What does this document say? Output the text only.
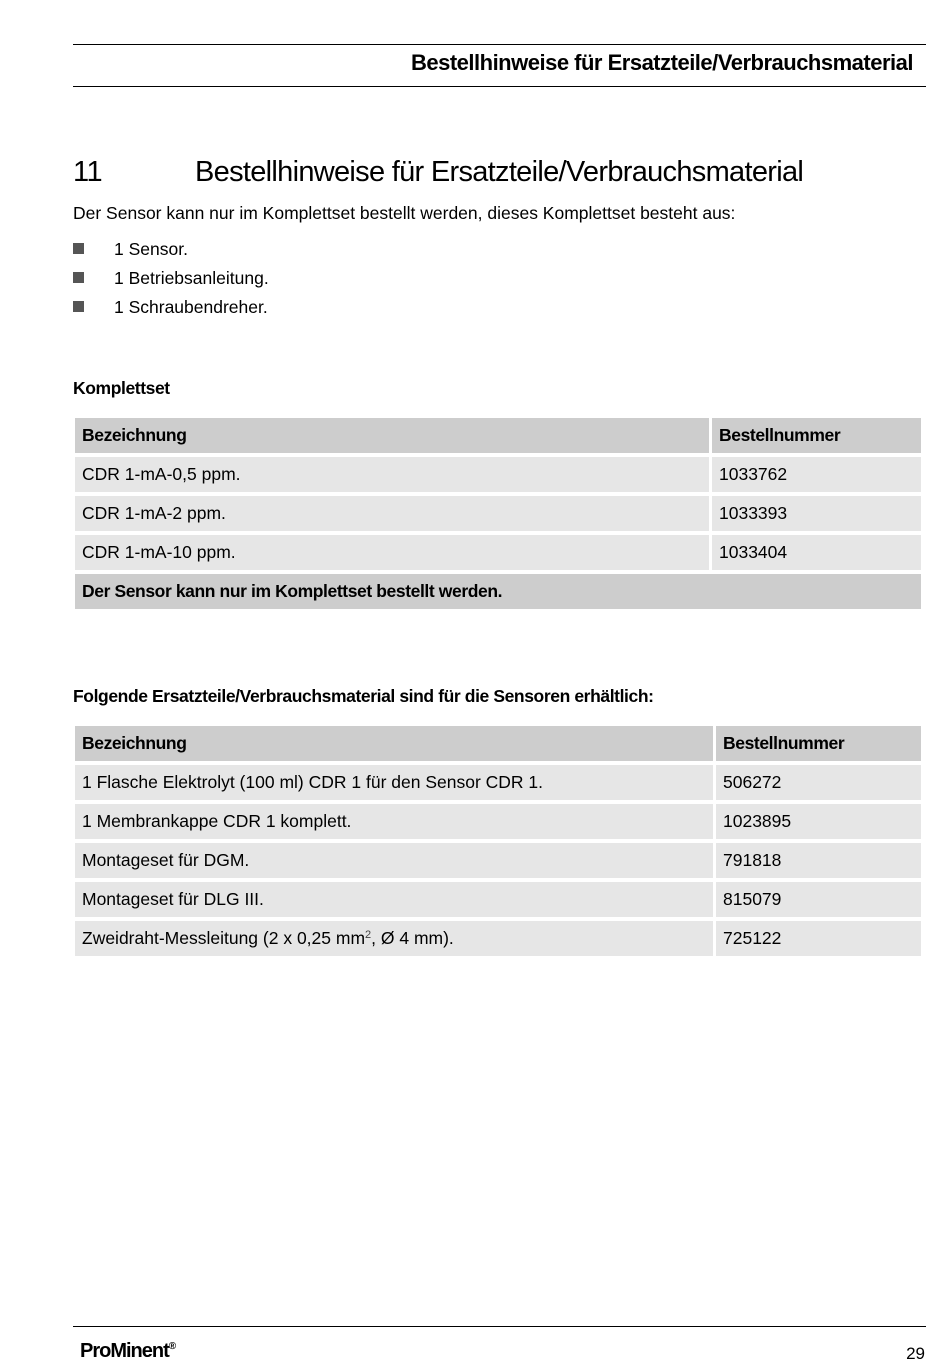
Bestellhinweise für Ersatzteile/Verbrauchsmaterial
11	Bestellhinweise für Ersatzteile/Verbrauchsmaterial
Der Sensor kann nur im Komplettset bestellt werden, dieses Komplettset besteht aus:
1 Sensor.
1 Betriebsanleitung.
1 Schraubendreher.
Komplettset
Bezeichnung	Bestellnummer
CDR 1-mA-0,5 ppm.	1033762
CDR 1-mA-2 ppm.	1033393
CDR 1-mA-10 ppm.	1033404
Der Sensor kann nur im Komplettset bestellt werden.	
Folgende Ersatzteile/Verbrauchsmaterial sind für die Sensoren erhältlich:
Bezeichnung	Bestellnummer
1 Flasche Elektrolyt (100 ml) CDR 1 für den Sensor CDR 1.	506272
1 Membrankappe CDR 1 komplett.	1023895
Montageset für DGM.	791818
Montageset für DLG III.	815079
Zweidraht-Messleitung (2 x 0,25 $mm^2$, Ø 4 mm).	725122
ProMinent®	29
